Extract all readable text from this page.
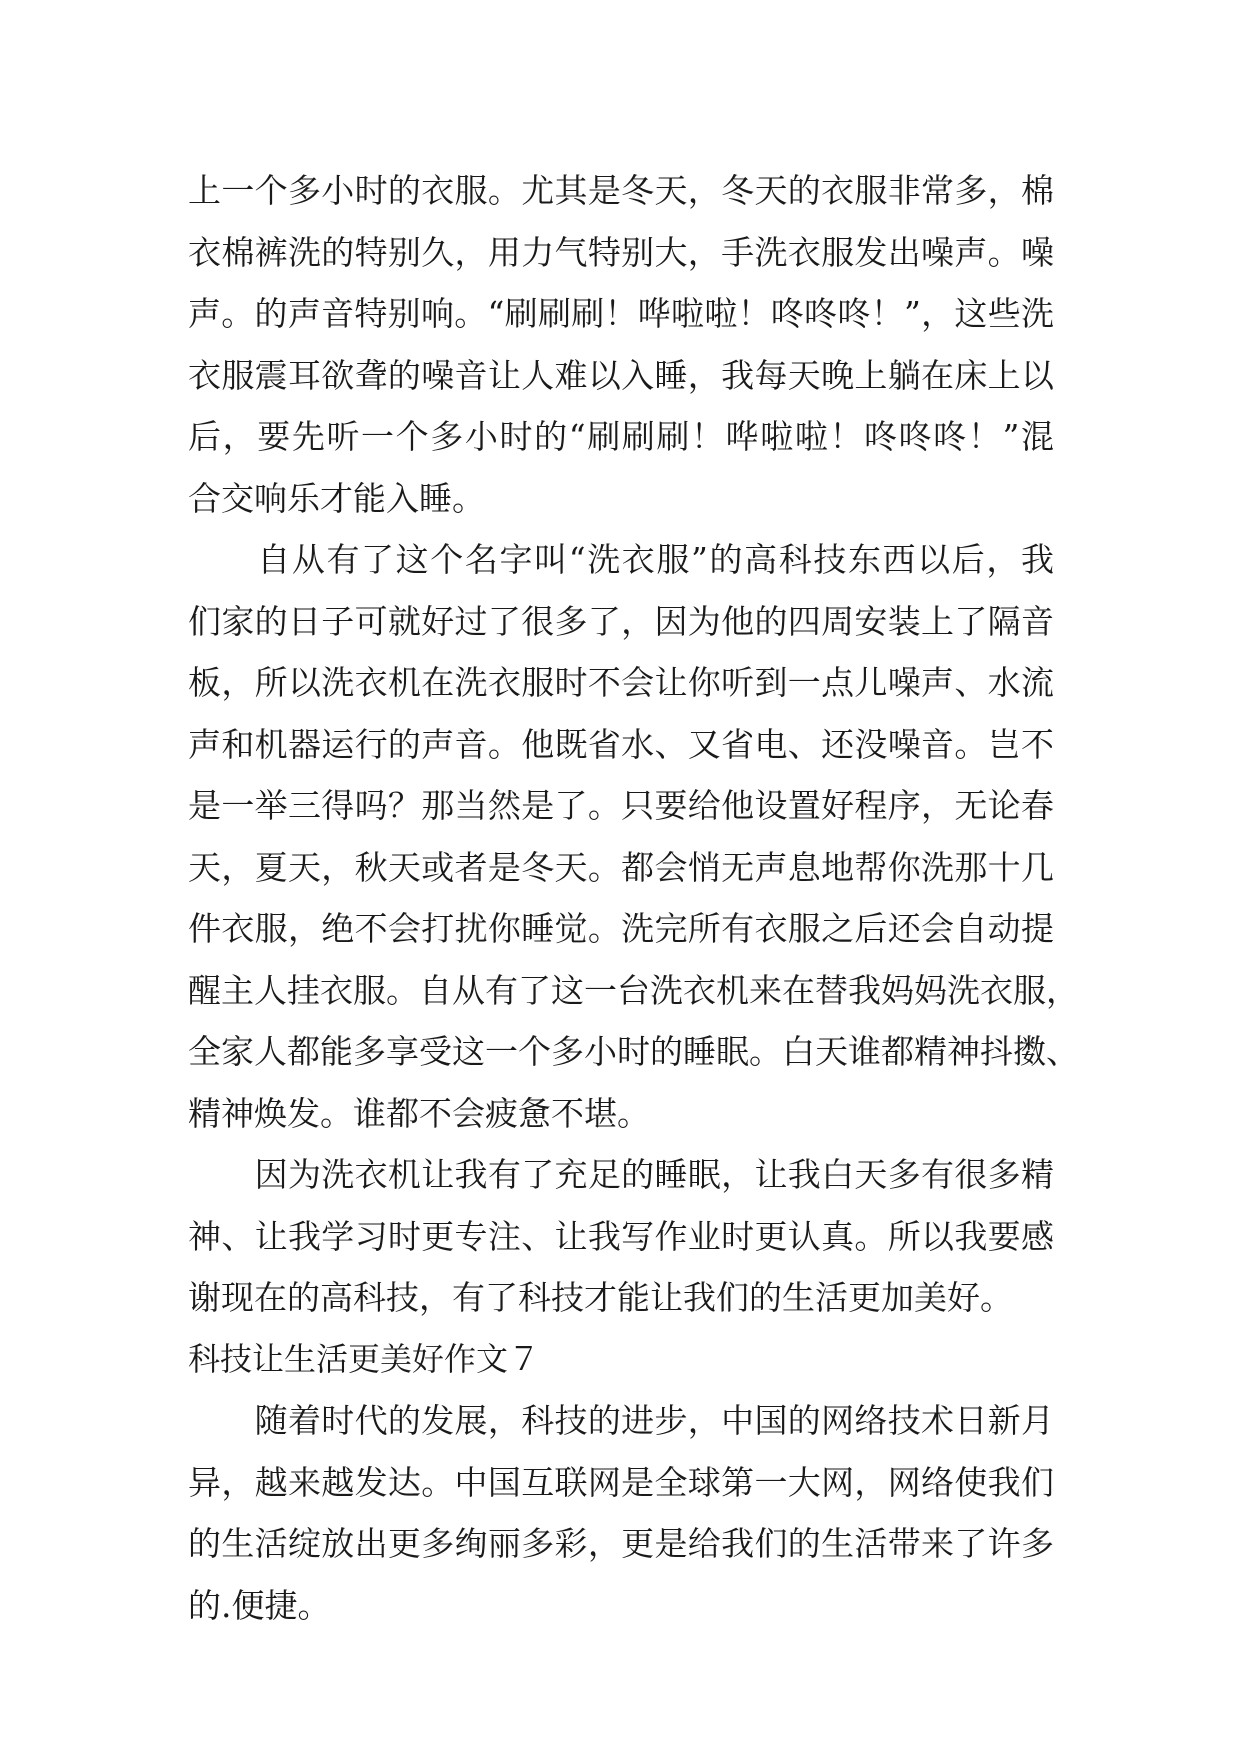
上一个多小时的衣服。尤其是冬天，冬天的衣服非常多，棉
衣棉裤洗的特别久，用力气特别大，手洗衣服发出噪声。噪
声。的声音特别响。“刷刷刷！哗啦啦！咚咚咚！”，这些洗
衣服震耳欲聋的噪音让人难以入睡，我每天晚上躺在床上以
后，要先听一个多小时的“刷刷刷！哗啦啦！咚咚咚！”混
合交响乐才能入睡。
　　自从有了这个名字叫“洗衣服”的高科技东西以后，我
们家的日子可就好过了很多了，因为他的四周安装上了隔音
板，所以洗衣机在洗衣服时不会让你听到一点儿噪声、水流
声和机器运行的声音。他既省水、又省电、还没噪音。岂不
是一举三得吗？那当然是了。只要给他设置好程序，无论春
天，夏天，秋天或者是冬天。都会悄无声息地帮你洗那十几
件衣服，绝不会打扰你睡觉。洗完所有衣服之后还会自动提
醒主人挂衣服。自从有了这一台洗衣机来在替我妈妈洗衣服，
全家人都能多享受这一个多小时的睡眠。白天谁都精神抖擞、
精神焕发。谁都不会疲惫不堪。
　　因为洗衣机让我有了充足的睡眠，让我白天多有很多精
神、让我学习时更专注、让我写作业时更认真。所以我要感
谢现在的高科技，有了科技才能让我们的生活更加美好。
科技让生活更美好作文７
　　随着时代的发展，科技的进步，中国的网络技术日新月
异，越来越发达。中国互联网是全球第一大网，网络使我们
的生活绽放出更多绚丽多彩，更是给我们的生活带来了许多
的.便捷。
